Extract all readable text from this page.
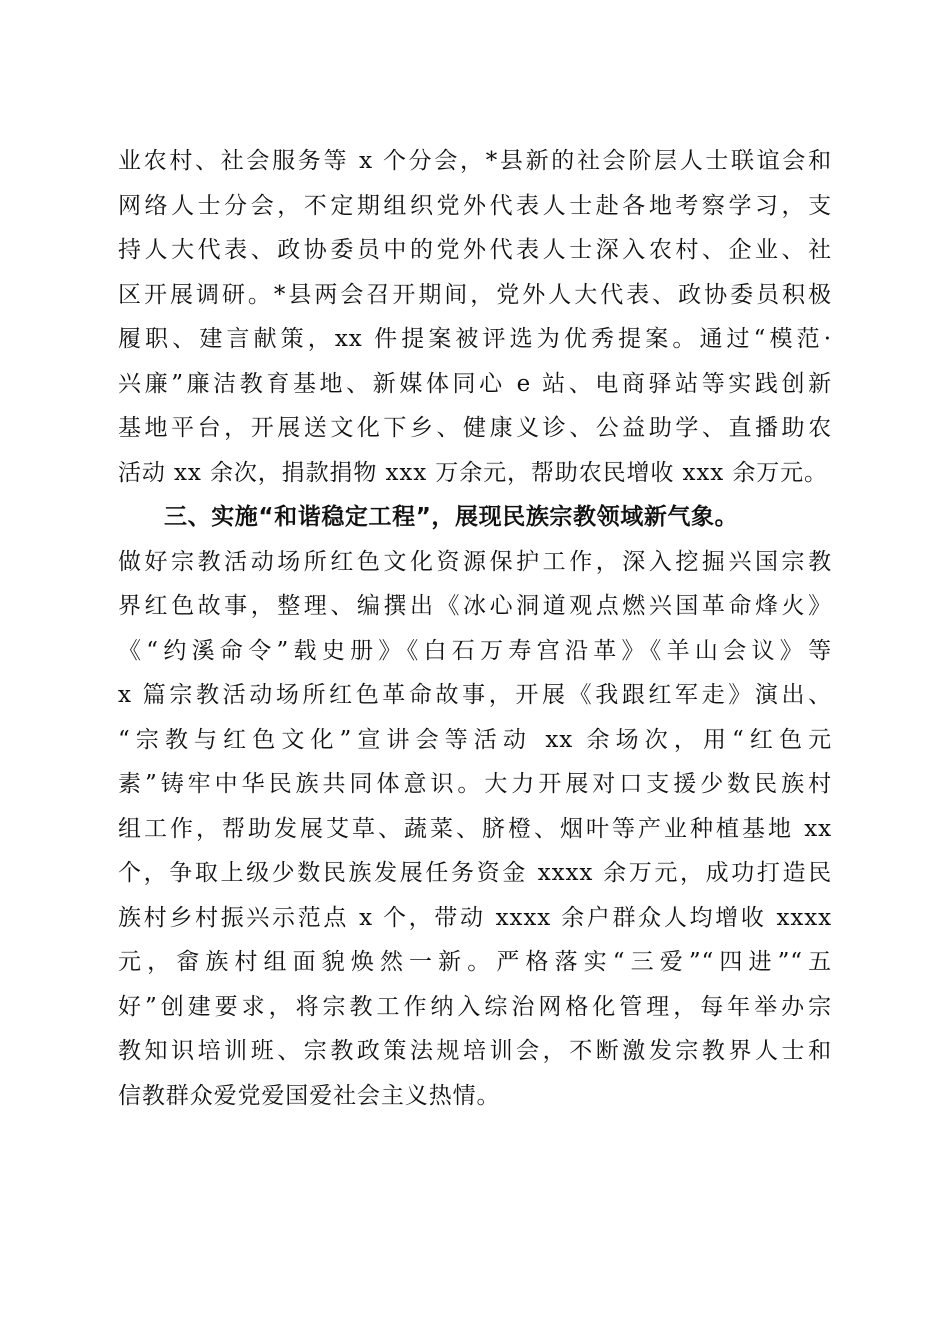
业农村、社会服务等 x 个分会，*县新的社会阶层人士联谊会和
网络人士分会，不定期组织党外代表人士赴各地考察学习，支
持人大代表、政协委员中的党外代表人士深入农村、企业、社
区开展调研。*县两会召开期间，党外人大代表、政协委员积极
履职、建言献策，xx 件提案被评选为优秀提案。通过“模范·
兴廉”廉洁教育基地、新媒体同心 e 站、电商驿站等实践创新
基地平台，开展送文化下乡、健康义诊、公益助学、直播助农
活动 xx 余次，捐款捐物 xxx 万余元，帮助农民增收 xxx 余万元。
三、实施“和谐稳定工程”，展现民族宗教领域新气象。
做好宗教活动场所红色文化资源保护工作，深入挖掘兴国宗教
界红色故事，整理、编撰出《冰心洞道观点燃兴国革命烽火》
《“约溪命令”载史册》《白石万寿宫沿革》《羊山会议》等
x 篇宗教活动场所红色革命故事，开展《我跟红军走》演出、
“宗教与红色文化”宣讲会等活动 xx 余场次，用“红色元
素”铸牢中华民族共同体意识。大力开展对口支援少数民族村
组工作，帮助发展艾草、蔬菜、脐橙、烟叶等产业种植基地 xx
个，争取上级少数民族发展任务资金 xxxx 余万元，成功打造民
族村乡村振兴示范点 x 个，带动 xxxx 余户群众人均增收 xxxx
元，畲族村组面貌焕然一新。严格落实“三爱”“四进”“五
好”创建要求，将宗教工作纳入综治网格化管理，每年举办宗
教知识培训班、宗教政策法规培训会，不断激发宗教界人士和
信教群众爱党爱国爱社会主义热情。
